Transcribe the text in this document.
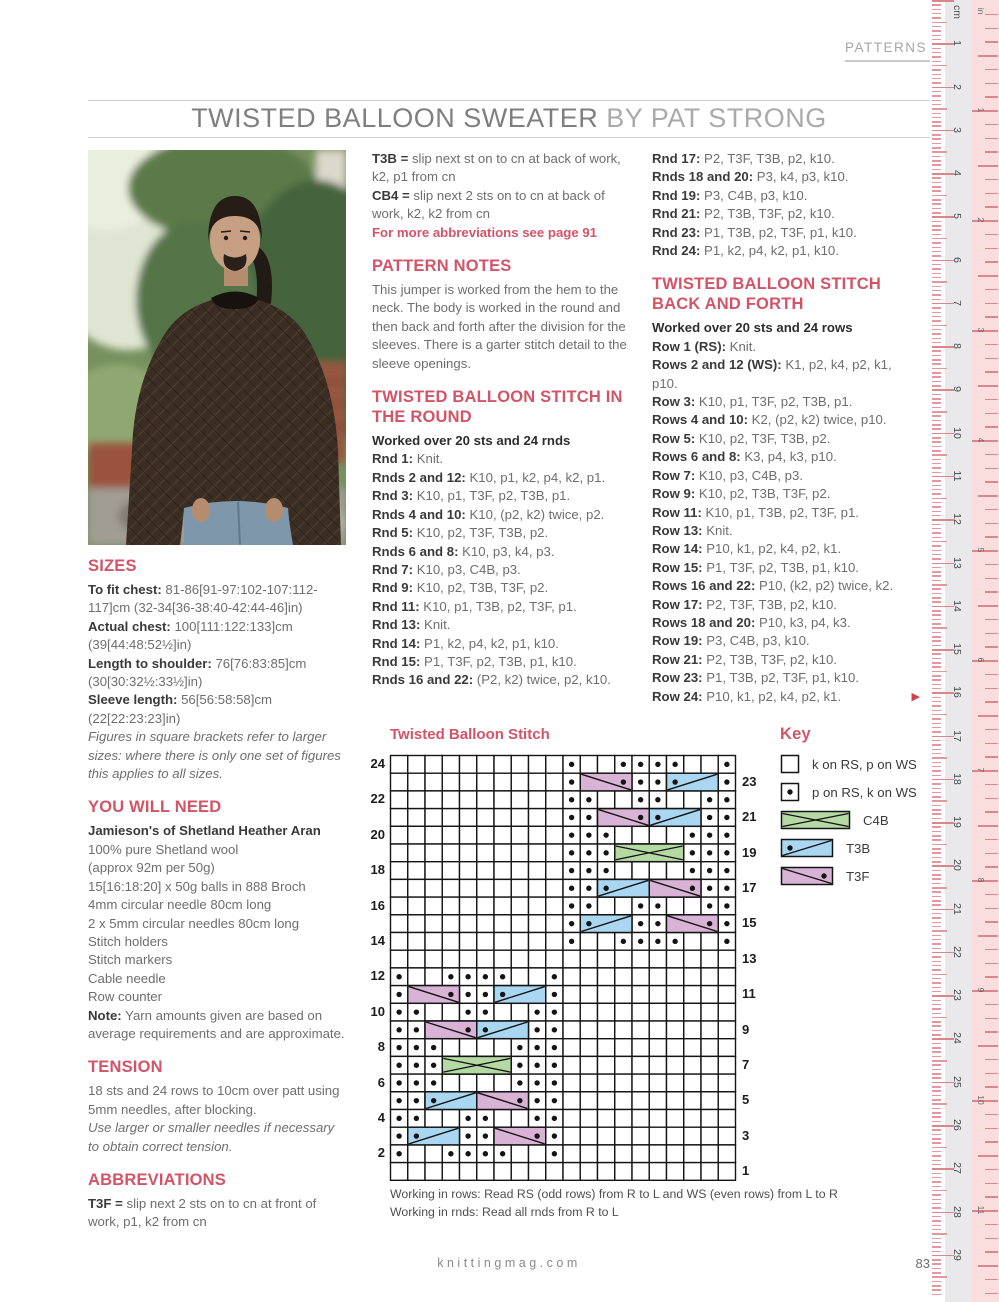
PATTERNS
TWISTED BALLOON SWEATER BY PAT STRONG
SIZES
To fit chest: 81-86[91-97:102-107:112-117]cm (32-34[36-38:40-42:44-46]in)
Actual chest: 100[111:122:133]cm (39[44:48:52½]in)
Length to shoulder: 76[76:83:85]cm (30[30:32½:33½]in)
Sleeve length: 56[56:58:58]cm (22[22:23:23]in)

Figures in square brackets refer to larger sizes: where there is only one set of figures this applies to all sizes.

YOU WILL NEED

Jamieson's of Shetland Heather Aran

100% pure Shetland wool
(approx 92m per 50g)
15[16:18:20] x 50g balls in 888 Broch
4mm circular needle 80cm long
2 x 5mm circular needles 80cm long
Stitch holders
Stitch markers
Cable needle
Row counter
Note: Yarn amounts given are based on average requirements and are approximate.
TENSION

18 sts and 24 rows to 10cm over patt using 5mm needles, after blocking.

Use larger or smaller needles if necessary to obtain correct tension.

ABBREVIATIONS
T3F = slip next 2 sts on to cn at front of work, p1, k2 from cn
T3B = slip next st on to cn at back of work, k2, p1 from cn
CB4 = slip next 2 sts on to cn at back of work, k2, k2 from cn
For more abbreviations see page 91
PATTERN NOTES

This jumper is worked from the hem to the neck. The body is worked in the round and then back and forth after the division for the sleeves. There is a garter stitch detail to the sleeve openings.

TWISTED BALLOON STITCH IN THE ROUND

Worked over 20 sts and 24 rnds

Rnd 1: Knit.
Rnds 2 and 12: K10, p1, k2, p4, k2, p1.
Rnd 3: K10, p1, T3F, p2, T3B, p1.
Rnds 4 and 10: K10, (p2, k2) twice, p2.
Rnd 5: K10, p2, T3F, T3B, p2.
Rnds 6 and 8: K10, p3, k4, p3.
Rnd 7: K10, p3, C4B, p3.
Rnd 9: K10, p2, T3B, T3F, p2.
Rnd 11: K10, p1, T3B, p2, T3F, p1.
Rnd 13: Knit.
Rnd 14: P1, k2, p4, k2, p1, k10.
Rnd 15: P1, T3F, p2, T3B, p1, k10.
Rnds 16 and 22: (P2, k2) twice, p2, k10.
Rnd 17: P2, T3F, T3B, p2, k10.
Rnds 18 and 20: P3, k4, p3, k10.
Rnd 19: P3, C4B, p3, k10.
Rnd 21: P2, T3B, T3F, p2, k10.
Rnd 23: P1, T3B, p2, T3F, p1, k10.
Rnd 24: P1, k2, p4, k2, p1, k10.
TWISTED BALLOON STITCH BACK AND FORTH

Worked over 20 sts and 24 rows

Row 1 (RS): Knit.
Rows 2 and 12 (WS): K1, p2, k4, p2, k1, p10.
Row 3: K10, p1, T3F, p2, T3B, p1.
Rows 4 and 10: K2, (p2, k2) twice, p10.
Row 5: K10, p2, T3F, T3B, p2.
Rows 6 and 8: K3, p4, k3, p10.
Row 7: K10, p3, C4B, p3.
Row 9: K10, p2, T3B, T3F, p2.
Row 11: K10, p1, T3B, p2, T3F, p1.
Row 13: Knit.
Row 14: P10, k1, p2, k4, p2, k1.
Row 15: P1, T3F, p2, T3B, p1, k10.
Rows 16 and 22: P10, (k2, p2) twice, k2.
Row 17: P2, T3F, T3B, p2, k10.
Rows 18 and 20: P10, k3, p4, k3.
Row 19: P3, C4B, p3, k10.
Row 21: P2, T3B, T3F, p2, k10.
Row 23: P1, T3B, p2, T3F, p1, k10.
Row 24: P10, k1, p2, k4, p2, k1.	▶
Twisted Balloon Stitch
24
22
20
18
16
14
12
10
8
6
4
2
23
21
19
17
15
13
11
9
7
5
3
1
Working in rows: Read RS (odd rows) from R to L and WS (even rows) from L to R
Working in rnds: Read all rnds from R to L
Key
k on RS, p on WS
p on RS, k on WS
C4B
T3B
T3F
knittingmag.com	83
cm
1
2
3
4
5
6
7
8
9
10
11
12
13
14
15
16
17
18
19
20
21
22
23
24
25
26
27
28
29
in
1
2
3
4
5
6
7
8
9
10
11
